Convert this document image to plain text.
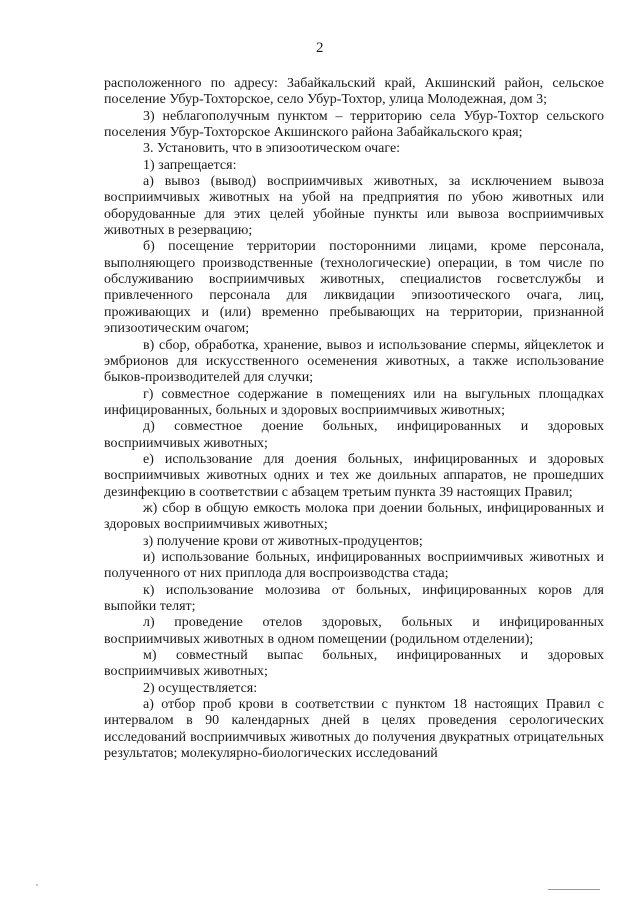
2

расположенного по адресу: Забайкальский край, Акшинский район, сельское поселение Убур-Тохторское, село Убур-Тохтор, улица Молодежная, дом 3;

3) неблагополучным пунктом – территорию села Убур-Тохтор сельского поселения Убур-Тохторское Акшинского района Забайкальского края;

3. Установить, что в эпизоотическом очаге:

1) запрещается:

а) вывоз (вывод) восприимчивых животных, за исключением вывоза восприимчивых животных на убой на предприятия по убою животных или оборудованные для этих целей убойные пункты или вывоза восприимчивых животных в резервацию;

б) посещение территории посторонними лицами, кроме персонала, выполняющего производственные (технологические) операции, в том числе по обслуживанию восприимчивых животных, специалистов госветслужбы и привлеченного персонала для ликвидации эпизоотического очага, лиц, проживающих и (или) временно пребывающих на территории, признанной эпизоотическим очагом;

в) сбор, обработка, хранение, вывоз и использование спермы, яйцеклеток и эмбрионов для искусственного осеменения животных, а также использование быков-производителей для случки;

г) совместное содержание в помещениях или на выгульных площадках инфицированных, больных и здоровых восприимчивых животных;

д) совместное доение больных, инфицированных и здоровых восприимчивых животных;

е) использование для доения больных, инфицированных и здоровых восприимчивых животных одних и тех же доильных аппаратов, не прошедших дезинфекцию в соответствии с абзацем третьим пункта 39 настоящих Правил;

ж) сбор в общую емкость молока при доении больных, инфицированных и здоровых восприимчивых животных;

з) получение крови от животных-продуцентов;

и) использование больных, инфицированных восприимчивых животных и полученного от них приплода для воспроизводства стада;

к) использование молозива от больных, инфицированных коров для выпойки телят;

л) проведение отелов здоровых, больных и инфицированных восприимчивых животных в одном помещении (родильном отделении);

м) совместный выпас больных, инфицированных и здоровых восприимчивых животных;

2) осуществляется:

а) отбор проб крови в соответствии с пунктом 18 настоящих Правил с интервалом в 90 календарных дней в целях проведения серологических исследований восприимчивых животных до получения двукратных отрицательных результатов; молекулярно-биологических исследований
